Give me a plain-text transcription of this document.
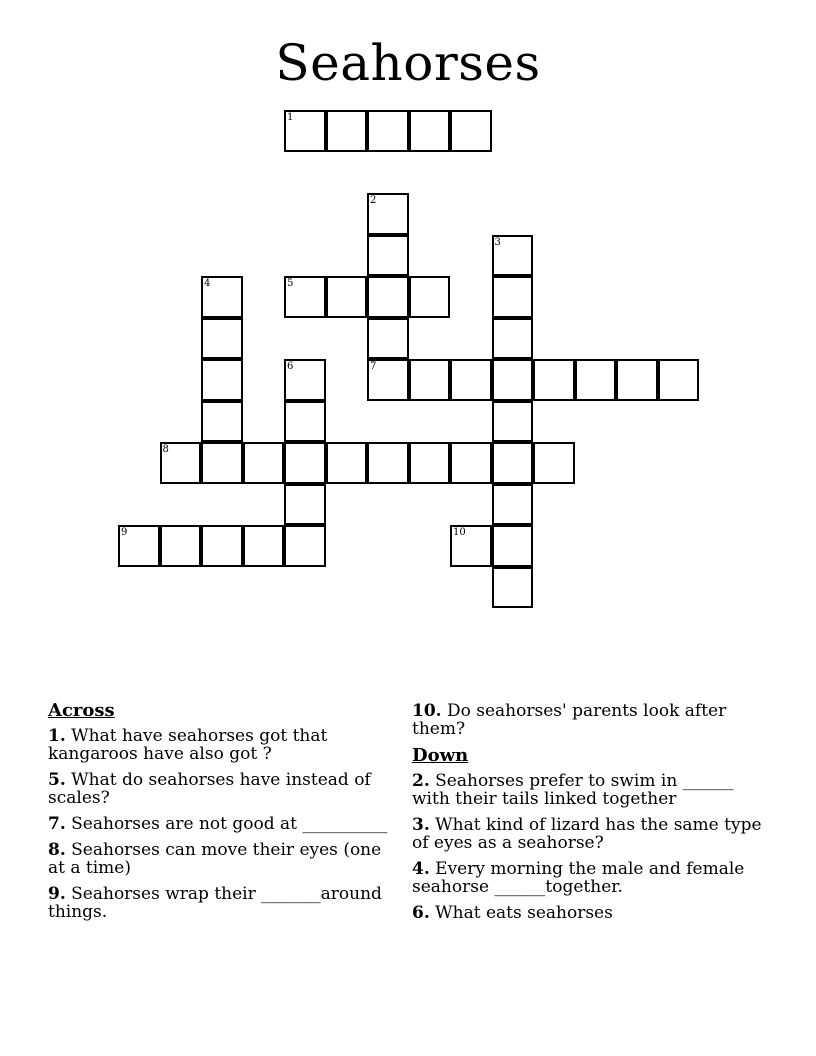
Seahorses
1
2
7
3
4	5
6
8
9	10
Across
1. What have seahorses got that kangaroos have also got ?
5. What do seahorses have instead of scales?
7. Seahorses are not good at __________
8. Seahorses can move their eyes (one at a time)
9. Seahorses wrap their _______around things.
10. Do seahorses' parents look after them?
Down
2. Seahorses prefer to swim in ______ with their tails linked together
3. What kind of lizard has the same type of eyes as a seahorse?
4. Every morning the male and female seahorse ______together.
6. What eats seahorses
